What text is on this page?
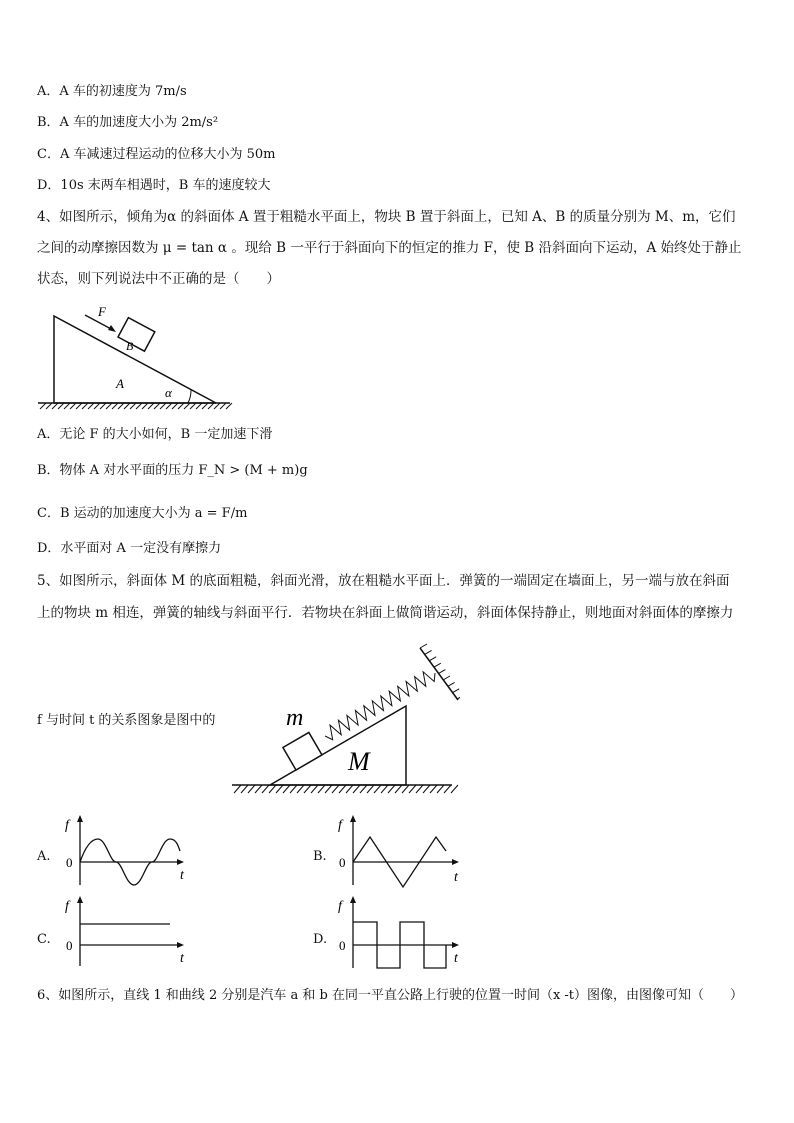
A．A 车的初速度为 7m/s
B．A 车的加速度大小为 2m/s²
C．A 车减速过程运动的位移大小为 50m
D．10s 末两车相遇时，B 车的速度较大
4、如图所示，倾角为α 的斜面体 A 置于粗糙水平面上，物块 B 置于斜面上，已知 A、B 的质量分别为 M、m，它们
之间的动摩擦因数为 μ = tan α 。现给 B 一平行于斜面向下的恒定的推力 F，使 B 沿斜面向下运动，A 始终处于静止
状态，则下列说法中不正确的是（　　）
F
B
A
α
A．无论 F 的大小如何，B 一定加速下滑
B．物体 A 对水平面的压力 F_N > (M + m)g
C．B 运动的加速度大小为 a = F/m
D．水平面对 A 一定没有摩擦力
5、如图所示，斜面体 M 的底面粗糙，斜面光滑，放在粗糙水平面上．弹簧的一端固定在墙面上，另一端与放在斜面
上的物块 m 相连，弹簧的轴线与斜面平行．若物块在斜面上做简谐运动，斜面体保持静止，则地面对斜面体的摩擦力
f 与时间 t 的关系图象是图中的	m
M
A.
f
0
t
B.
f
0
t
C.
f
0
t
D.
f
0
t
6、如图所示，直线 1 和曲线 2 分别是汽车 a 和 b 在同一平直公路上行驶的位置一时间（x -t）图像，由图像可知（　　）
